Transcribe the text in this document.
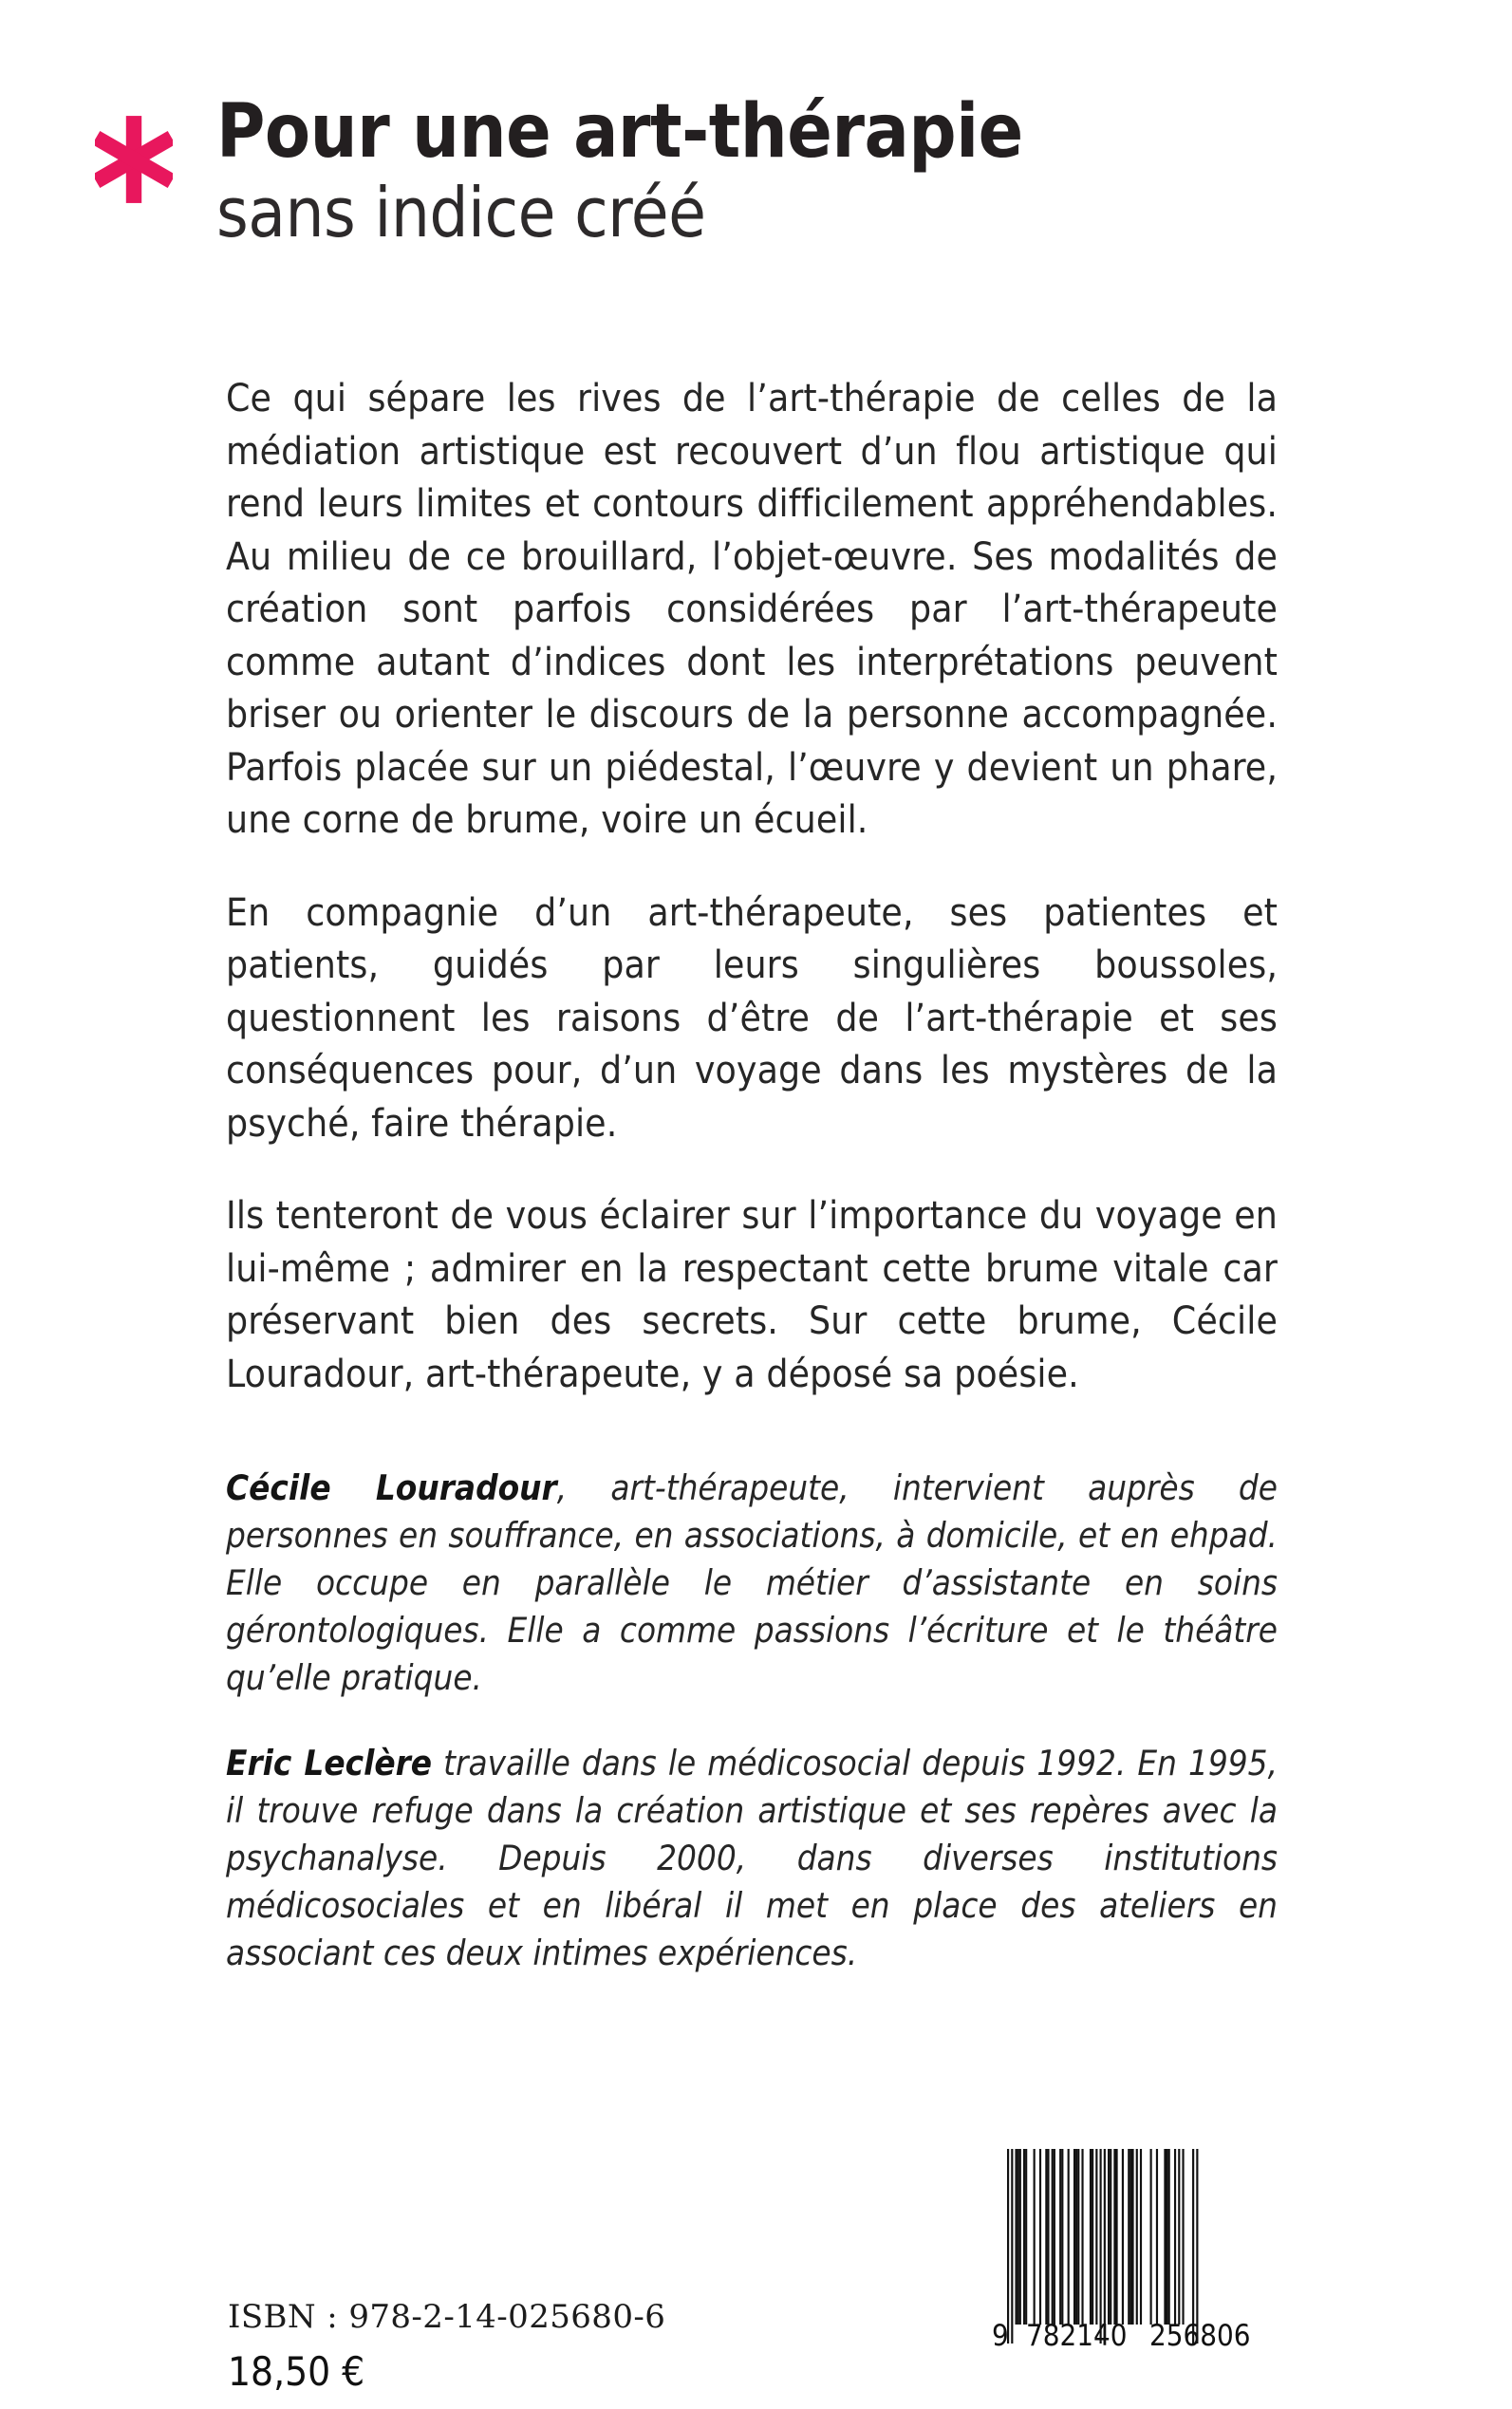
Pour une art-thérapie
sans indice créé

Ce qui sépare les rives de l’art-thérapie de celles de la médiation artistique est recouvert d’un flou artistique qui rend leurs limites et contours difficilement appréhendables. Au milieu de ce brouillard, l’objet-œuvre. Ses modalités de création sont parfois considérées par l’art-thérapeute comme autant d’indices dont les interprétations peuvent briser ou orienter le discours de la personne accompagnée. Parfois placée sur un piédestal, l’œuvre y devient un phare, une corne de brume, voire un écueil.

En compagnie d’un art-thérapeute, ses patientes et patients, guidés par leurs singulières boussoles, questionnent les raisons d’être de l’art-thérapie et ses conséquences pour, d’un voyage dans les mystères de la psyché, faire thérapie.

Ils tenteront de vous éclairer sur l’importance du voyage en lui-même ; admirer en la respectant cette brume vitale car préservant bien des secrets. Sur cette brume, Cécile Louradour, art-thérapeute, y a déposé sa poésie.

Cécile Louradour, art-thérapeute, intervient auprès de personnes en souffrance, en associations, à domicile, et en ehpad. Elle occupe en parallèle le métier d’assistante en soins gérontologiques. Elle a comme passions l’écriture et le théâtre qu’elle pratique.

Eric Leclère travaille dans le médicosocial depuis 1992. En 1995, il trouve refuge dans la création artistique et ses repères avec la psychanalyse. Depuis 2000, dans diverses institutions médicosociales et en libéral il met en place des ateliers en associant ces deux intimes expériences.

ISBN : 978-2-14-025680-6
18,50 €
9 782140 256806
